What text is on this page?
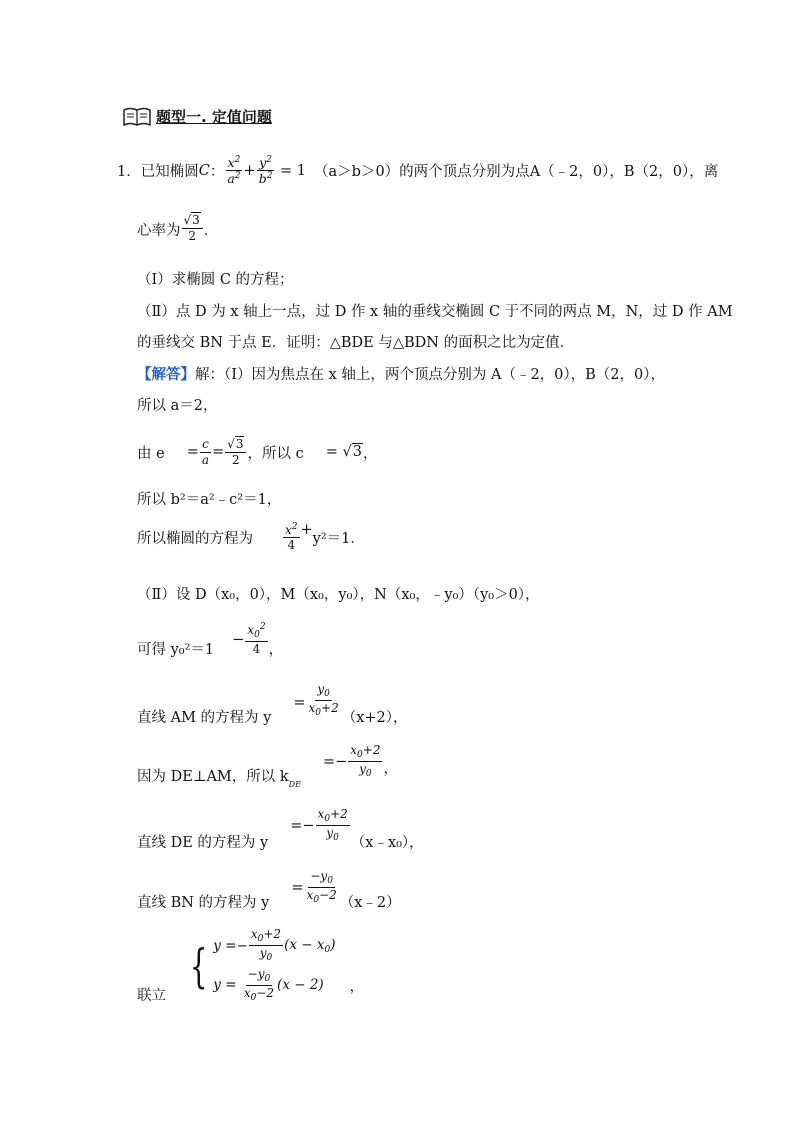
题型一. 定值问题
1． 已知椭圆 C ： $\frac{x^2}{a^2} + \frac{y^2}{b^2} = 1$ （a＞b＞0）的两个顶点分别为点 A（﹣2，0）， B（2，0），离
心率为 $\frac{√3}{2}$ ．
（Ⅰ）求椭圆 C 的方程；
（Ⅱ）点 D 为 x 轴上一点，过 D 作 x 轴的垂线交椭圆 C 于不同的两点 M，N，过 D 作 AM
的垂线交 BN 于点 E．证明：△BDE 与△BDN 的面积之比为定值．
【解答】解：（Ⅰ）因为焦点在 x 轴上，两个顶点分别为 A（﹣2，0），B（2，0），
所以 a＝2，
由 $e = \frac{c}{a} = \frac{√3}{2}$ ，所以 c = √3 ，
所以 b²＝a²﹣c²＝1，
所以椭圆的方程为	$\frac{x^2}{4}$ +
y²＝1．
（Ⅱ）设 D（x₀，0），M（x₀，y₀），N（x₀，﹣y₀）（y₀＞0），
可得 y₀²＝1
− $\frac{x_0^2}{4}$ ，
直线 AM 的方程为 y
= $\frac{y_0}{x_0+2} (x+2)$，
因为 DE⊥AM，所以 k DE
=− $\frac{x_0+2}{y_0}$ ，
直线 DE 的方程为 y
=− $\frac{x_0+2}{y_0}$ （x﹣x₀），
直线 BN 的方程为 y
= $\frac{-y_0}{x_0-2}$ （x﹣2）
联立
{ $y =- \frac{x_0+2}{y_0} (x - x_0)$
$y = \frac{-y_0}{x_0-2} (x - 2)$ ，
